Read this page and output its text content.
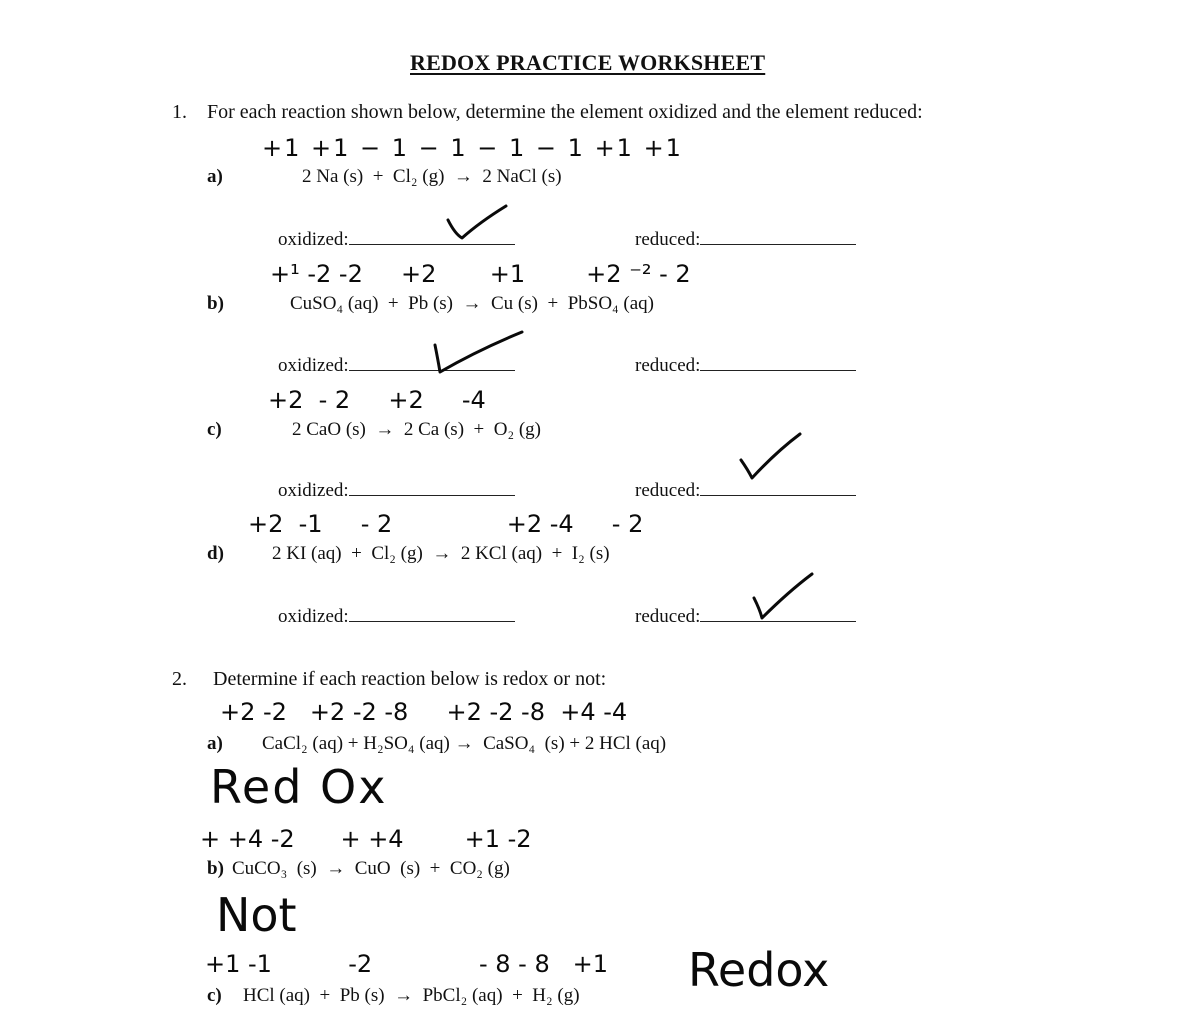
REDOX PRACTICE WORKSHEET
1. For each reaction shown below, determine the element oxidized and the element reduced:
+1 +1 − 1 − 1 − 1 − 1 +1 +1
a)	2 Na (s)  +  Cl₂ (g)  →  2 NaCl (s)
oxidized:	reduced:
+¹ -2 -2     +2       +1        +2 ⁻² - 2
b)	CuSO₄ (aq)  +  Pb (s)  →  Cu (s)  +  PbSO₄ (aq)
oxidized:	reduced:
+2  - 2     +2     -4
c)	2 CaO (s)  →  2 Ca (s)  +  O₂ (g)
oxidized:	reduced:
+2  -1     - 2               +2 -4     - 2
d)	2 KI (aq)  +  Cl₂ (g)  →  2 KCl (aq)  +  I₂ (s)
oxidized:	reduced:
2. Determine if each reaction below is redox or not:
+2 -2   +2 -2 -8     +2 -2 -8  +4 -4
a) CaCl₂ (aq) + H₂SO₄ (aq) →  CaSO₄  (s) + 2 HCl (aq)
Red Ox
+ +4 -2      + +4        +1 -2
b) CuCO₃  (s)  →  CuO  (s)  +  CO₂ (g)
Not
+1 -1          -2              - 8 - 8   +1
c) HCl (aq)  +  Pb (s)  →  PbCl₂ (aq)  +  H₂ (g) Redox
